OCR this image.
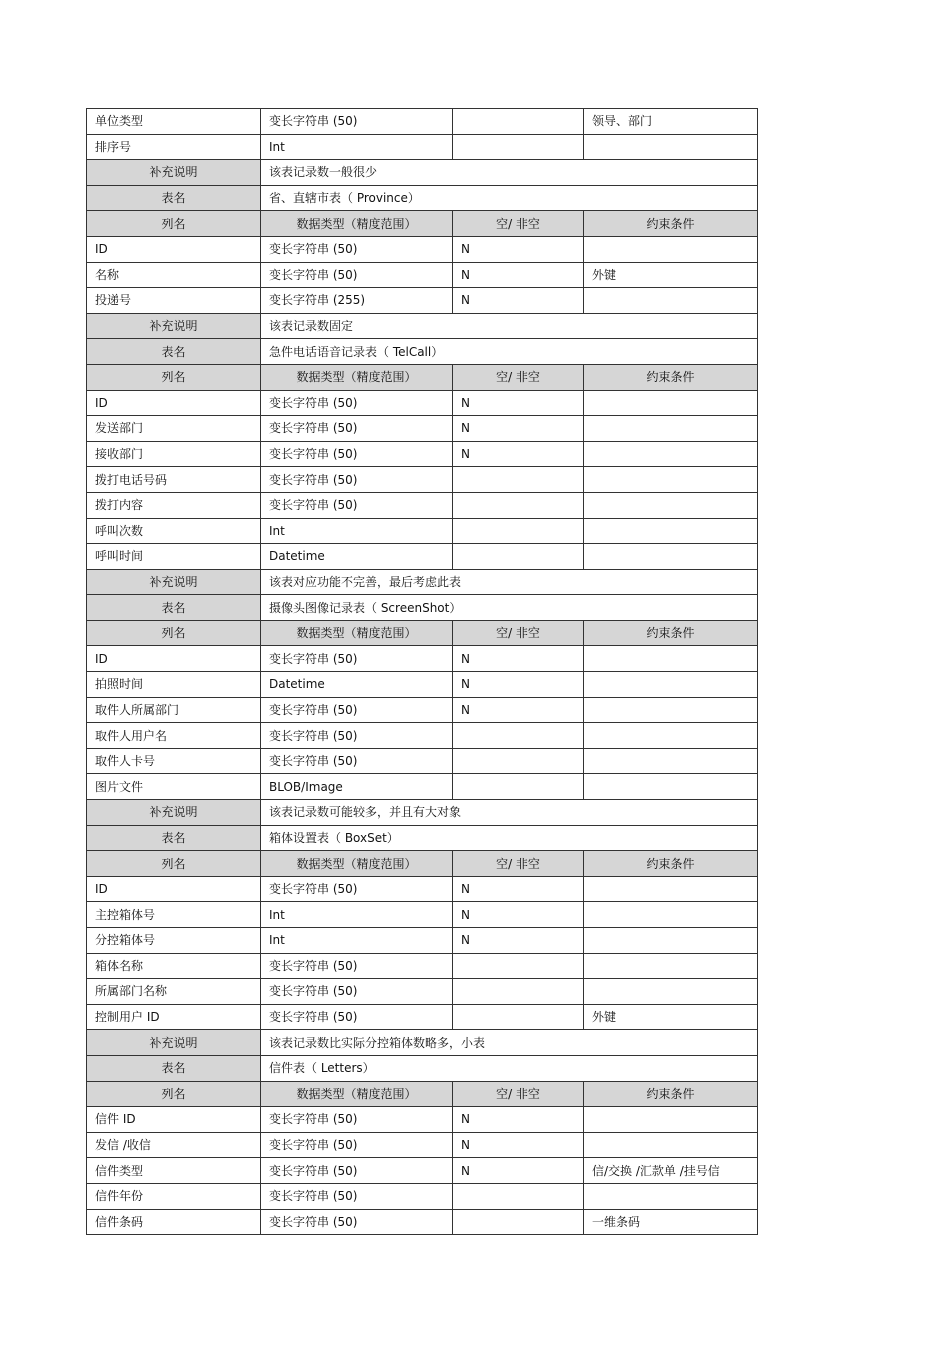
单位类型	变长字符串 (50)		领导、部门
排序号	Int		
补充说明	该表记录数一般很少		
表名	省、直辖市表（ Province）		
列名	数据类型（精度范围）	空/ 非空	约束条件
ID	变长字符串 (50)	N	
名称	变长字符串 (50)	N	外键
投递号	变长字符串 (255)	N	
补充说明	该表记录数固定		
表名	急件电话语音记录表（ TelCall）		
列名	数据类型（精度范围）	空/ 非空	约束条件
ID	变长字符串 (50)	N	
发送部门	变长字符串 (50)	N	
接收部门	变长字符串 (50)	N	
拨打电话号码	变长字符串 (50)		
拨打内容	变长字符串 (50)		
呼叫次数	Int		
呼叫时间	Datetime		
补充说明	该表对应功能不完善，最后考虑此表		
表名	摄像头图像记录表（ ScreenShot）		
列名	数据类型（精度范围）	空/ 非空	约束条件
ID	变长字符串 (50)	N	
拍照时间	Datetime	N	
取件人所属部门	变长字符串 (50)	N	
取件人用户名	变长字符串 (50)		
取件人卡号	变长字符串 (50)		
图片文件	BLOB/Image		
补充说明	该表记录数可能较多，并且有大对象		
表名	箱体设置表（ BoxSet）		
列名	数据类型（精度范围）	空/ 非空	约束条件
ID	变长字符串 (50)	N	
主控箱体号	Int	N	
分控箱体号	Int	N	
箱体名称	变长字符串 (50)		
所属部门名称	变长字符串 (50)		
控制用户 ID	变长字符串 (50)		外键
补充说明	该表记录数比实际分控箱体数略多，小表		
表名	信件表（ Letters）		
列名	数据类型（精度范围）	空/ 非空	约束条件
信件 ID	变长字符串 (50)	N	
发信 /收信	变长字符串 (50)	N	
信件类型	变长字符串 (50)	N	信/交换 /汇款单 /挂号信
信件年份	变长字符串 (50)		
信件条码	变长字符串 (50)		一维条码
